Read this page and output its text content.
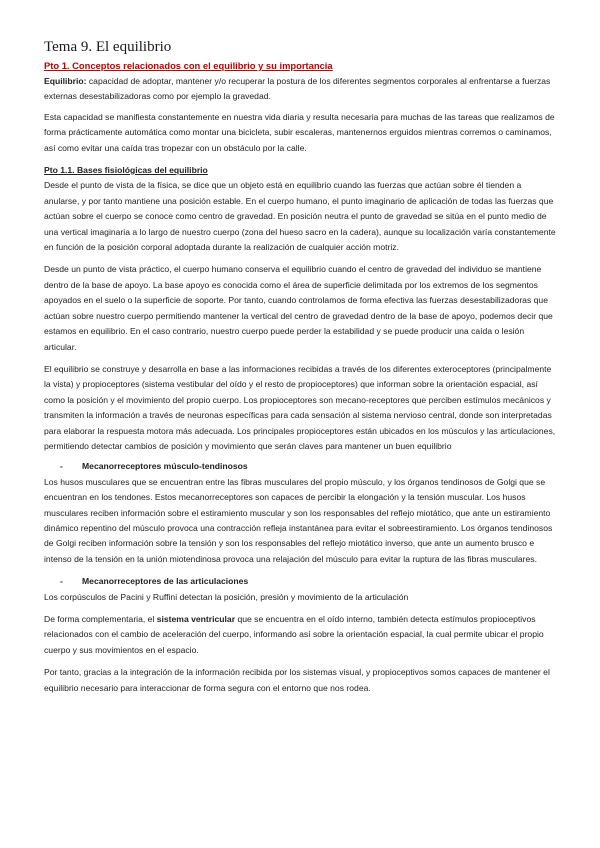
Tema 9. El equilibrio
Pto 1. Conceptos relacionados con el equilibrio y su importancia

Equilibrio: capacidad de adoptar, mantener y/o recuperar la postura de los diferentes segmentos corporales al enfrentarse a fuerzas externas desestabilizadoras como por ejemplo la gravedad.

Esta capacidad se manifiesta constantemente en nuestra vida diaria y resulta necesaria para muchas de las tareas que realizamos de forma prácticamente automática como montar una bicicleta, subir escaleras, mantenernos erguidos mientras corremos o caminamos, así como evitar una caída tras tropezar con un obstáculo por la calle.

Pto 1.1. Bases fisiológicas del equilibrio

Desde el punto de vista de la física, se dice que un objeto está en equilibrio cuando las fuerzas que actúan sobre él tienden a anularse, y por tanto mantiene una posición estable. En el cuerpo humano, el punto imaginario de aplicación de todas las fuerzas que actúan sobre el cuerpo se conoce como centro de gravedad. En posición neutra el punto de gravedad se sitúa en el punto medio de una vertical imaginaria a lo largo de nuestro cuerpo (zona del hueso sacro en la cadera), aunque su localización varía constantemente en función de la posición corporal adoptada durante la realización de cualquier acción motriz.

Desde un punto de vista práctico, el cuerpo humano conserva el equilibrio cuando el centro de gravedad del individuo se mantiene dentro de la base de apoyo. La base apoyo es conocida como el área de superficie delimitada por los extremos de los segmentos apoyados en el suelo o la superficie de soporte. Por tanto, cuando controlamos de forma efectiva las fuerzas desestabilizadoras que actúan sobre nuestro cuerpo permitiendo mantener la vertical del centro de gravedad dentro de la base de apoyo, podemos decir que estamos en equilibrio. En el caso contrario, nuestro cuerpo puede perder la estabilidad y se puede producir una caída o lesión articular.

El equilibrio se construye y desarrolla en base a las informaciones recibidas a través de los diferentes exteroceptores (principalmente la vista) y propioceptores (sistema vestibular del oído y el resto de propioceptores) que informan sobre la orientación espacial, así como la posición y el movimiento del propio cuerpo. Los propioceptores son mecano-receptores que perciben estímulos mecánicos y transmiten la información a través de neuronas específicas para cada sensación al sistema nervioso central, donde son interpretadas para elaborar la respuesta motora más adecuada. Los principales propioceptores están ubicados en los músculos y las articulaciones, permitiendo detectar cambios de posición y movimiento que serán claves para mantener un buen equilibrio

-	Mecanorreceptores músculo-tendinosos

Los husos musculares que se encuentran entre las fibras musculares del propio músculo, y los órganos tendinosos de Golgi que se encuentran en los tendones. Estos mecanorreceptores son capaces de percibir la elongación y la tensión muscular. Los husos musculares reciben información sobre el estiramiento muscular y son los responsables del reflejo miotático, que ante un estiramiento dinámico repentino del músculo provoca una contracción refleja instantánea para evitar el sobreestiramiento. Los órganos tendinosos de Golgi reciben información sobre la tensión y son los responsables del reflejo miotático inverso, que ante un aumento brusco e intenso de la tensión en la unión miotendinosa provoca una relajación del músculo para evitar la ruptura de las fibras musculares.

-	Mecanorreceptores de las articulaciones

Los corpúsculos de Pacini y Ruffini detectan la posición, presión y movimiento de la articulación

De forma complementaria, el sistema ventricular que se encuentra en el oído interno, también detecta estímulos propioceptivos relacionados con el cambio de aceleración del cuerpo, informando así sobre la orientación espacial, la cual permite ubicar el propio cuerpo y sus movimientos en el espacio.

Por tanto, gracias a la integración de la información recibida por los sistemas visual, y propioceptivos somos capaces de mantener el equilibrio necesario para interaccionar de forma segura con el entorno que nos rodea.
